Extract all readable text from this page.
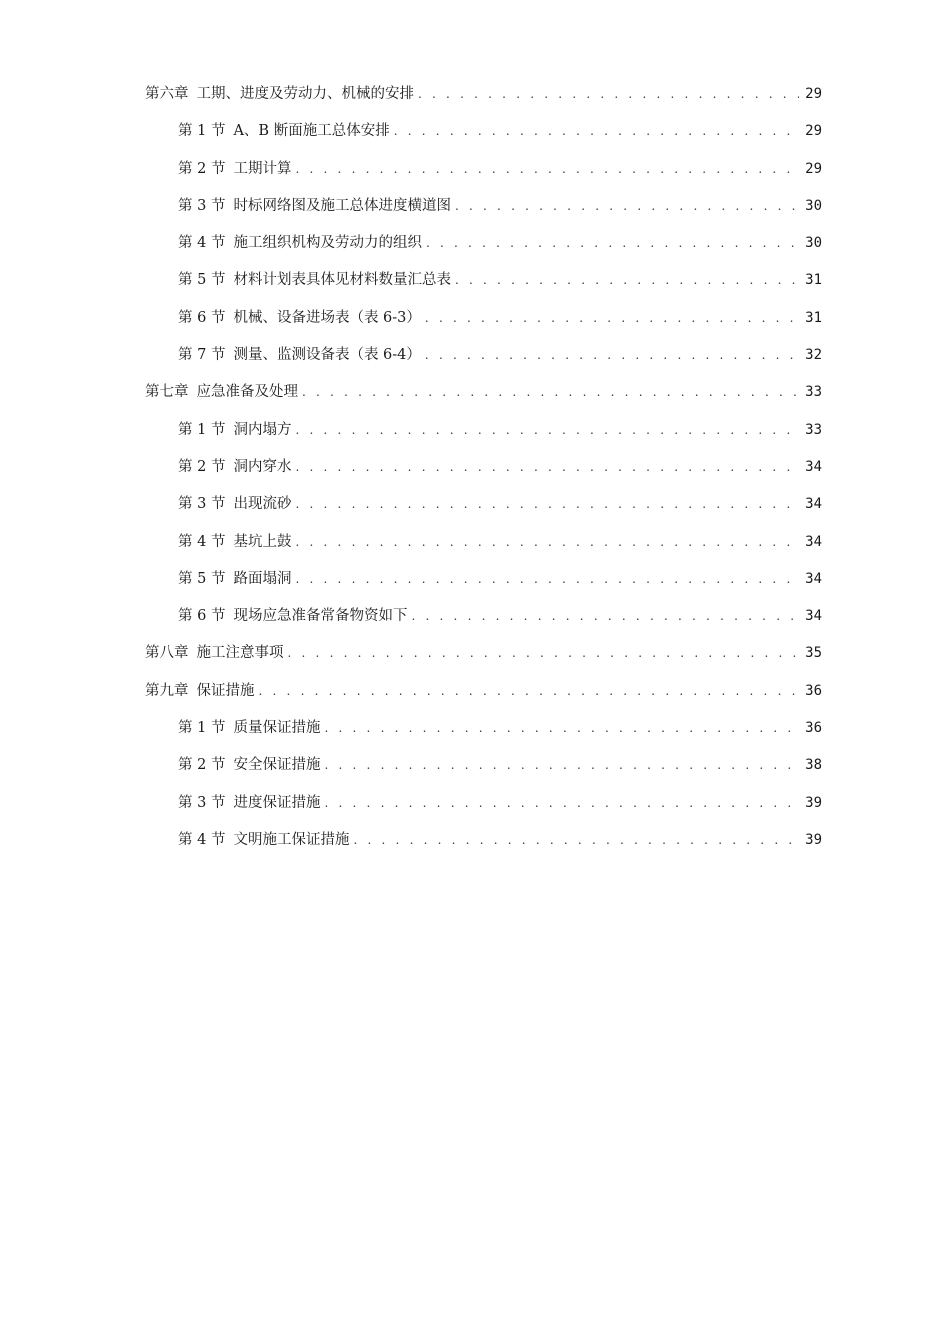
第六章 工期、进度及劳动力、机械的安排 . . .	29
第 1 节 A、B 断面施工总体安排 . . .	29
第 2 节 工期计算 . . .	29
第 3 节 时标网络图及施工总体进度横道图 . . .	30
第 4 节 施工组织机构及劳动力的组织 . . .	30
第 5 节 材料计划表具体见材料数量汇总表 . . .	31
第 6 节 机械、设备进场表（表 6-3） . . .	31
第 7 节 测量、监测设备表（表 6-4） . . .	32
第七章 应急准备及处理 . . .	33
第 1 节 洞内塌方 . . .	33
第 2 节 洞内穿水 . . .	34
第 3 节 出现流砂 . . .	34
第 4 节 基坑上鼓 . . .	34
第 5 节 路面塌洞 . . .	34
第 6 节 现场应急准备常备物资如下 . . .	34
第八章 施工注意事项 . . .	35
第九章 保证措施 . . .	36
第 1 节 质量保证措施 . . .	36
第 2 节 安全保证措施 . . .	38
第 3 节 进度保证措施 . . .	39
第 4 节 文明施工保证措施 . . .	39
